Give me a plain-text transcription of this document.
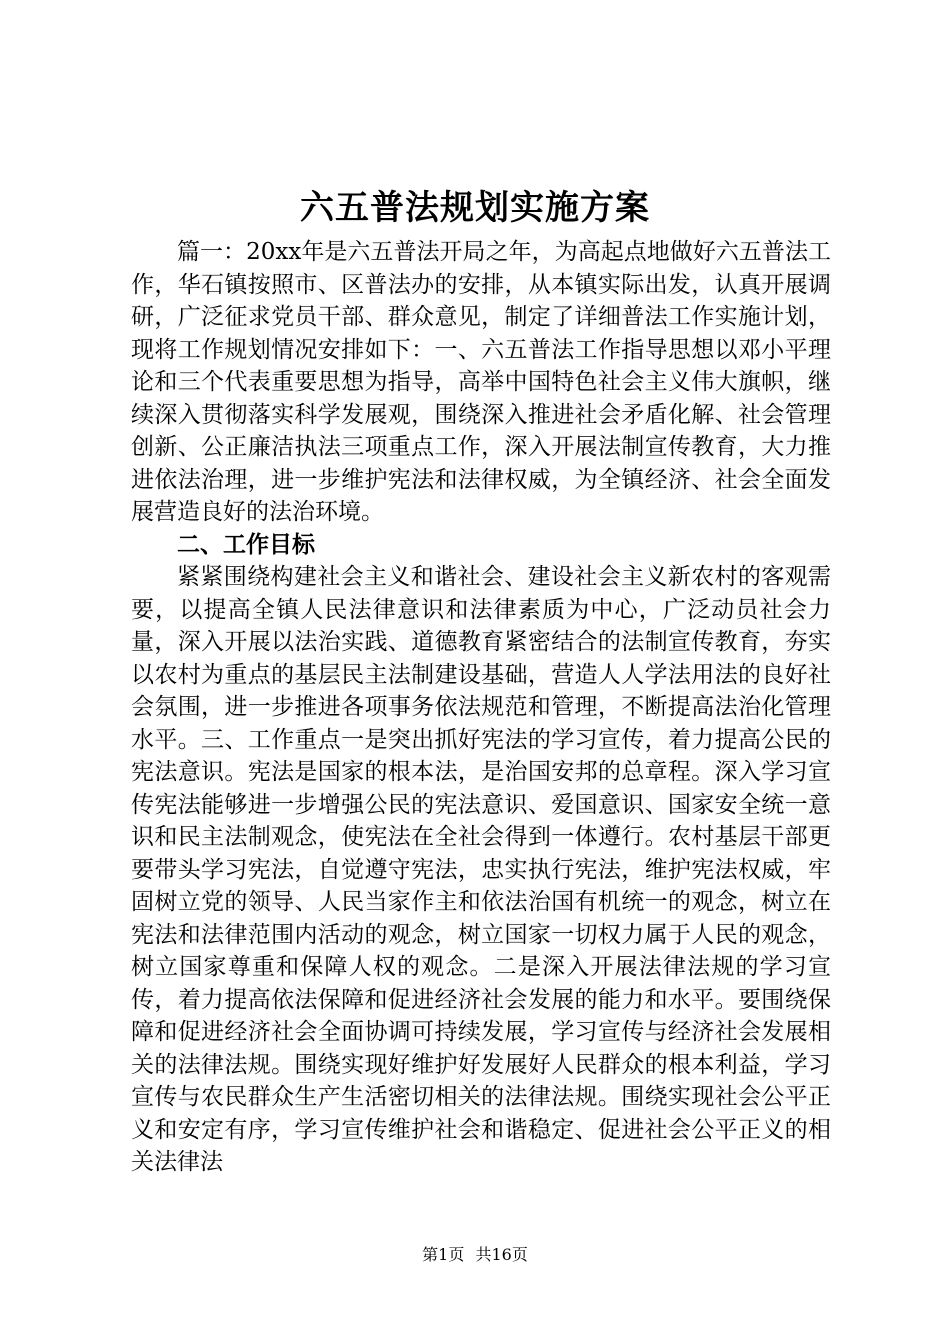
六五普法规划实施方案

篇一：20xx年是六五普法开局之年，为高起点地做好六五普法工作，华石镇按照市、区普法办的安排，从本镇实际出发，认真开展调研，广泛征求党员干部、群众意见，制定了详细普法工作实施计划，现将工作规划情况安排如下：一、六五普法工作指导思想以邓小平理论和三个代表重要思想为指导，高举中国特色社会主义伟大旗帜，继续深入贯彻落实科学发展观，围绕深入推进社会矛盾化解、社会管理创新、公正廉洁执法三项重点工作，深入开展法制宣传教育，大力推进依法治理，进一步维护宪法和法律权威，为全镇经济、社会全面发展营造良好的法治环境。

二、工作目标

紧紧围绕构建社会主义和谐社会、建设社会主义新农村的客观需要，以提高全镇人民法律意识和法律素质为中心，广泛动员社会力量，深入开展以法治实践、道德教育紧密结合的法制宣传教育，夯实以农村为重点的基层民主法制建设基础，营造人人学法用法的良好社会氛围，进一步推进各项事务依法规范和管理，不断提高法治化管理水平。三、工作重点一是突出抓好宪法的学习宣传，着力提高公民的宪法意识。宪法是国家的根本法，是治国安邦的总章程。深入学习宣传宪法能够进一步增强公民的宪法意识、爱国意识、国家安全统一意识和民主法制观念，使宪法在全社会得到一体遵行。农村基层干部更要带头学习宪法，自觉遵守宪法，忠实执行宪法，维护宪法权威，牢固树立党的领导、人民当家作主和依法治国有机统一的观念，树立在宪法和法律范围内活动的观念，树立国家一切权力属于人民的观念，树立国家尊重和保障人权的观念。二是深入开展法律法规的学习宣传，着力提高依法保障和促进经济社会发展的能力和水平。要围绕保障和促进经济社会全面协调可持续发展，学习宣传与经济社会发展相关的法律法规。围绕实现好维护好发展好人民群众的根本利益，学习宣传与农民群众生产生活密切相关的法律法规。围绕实现社会公平正义和安定有序，学习宣传维护社会和谐稳定、促进社会公平正义的相关法律法

第1页 共16页
